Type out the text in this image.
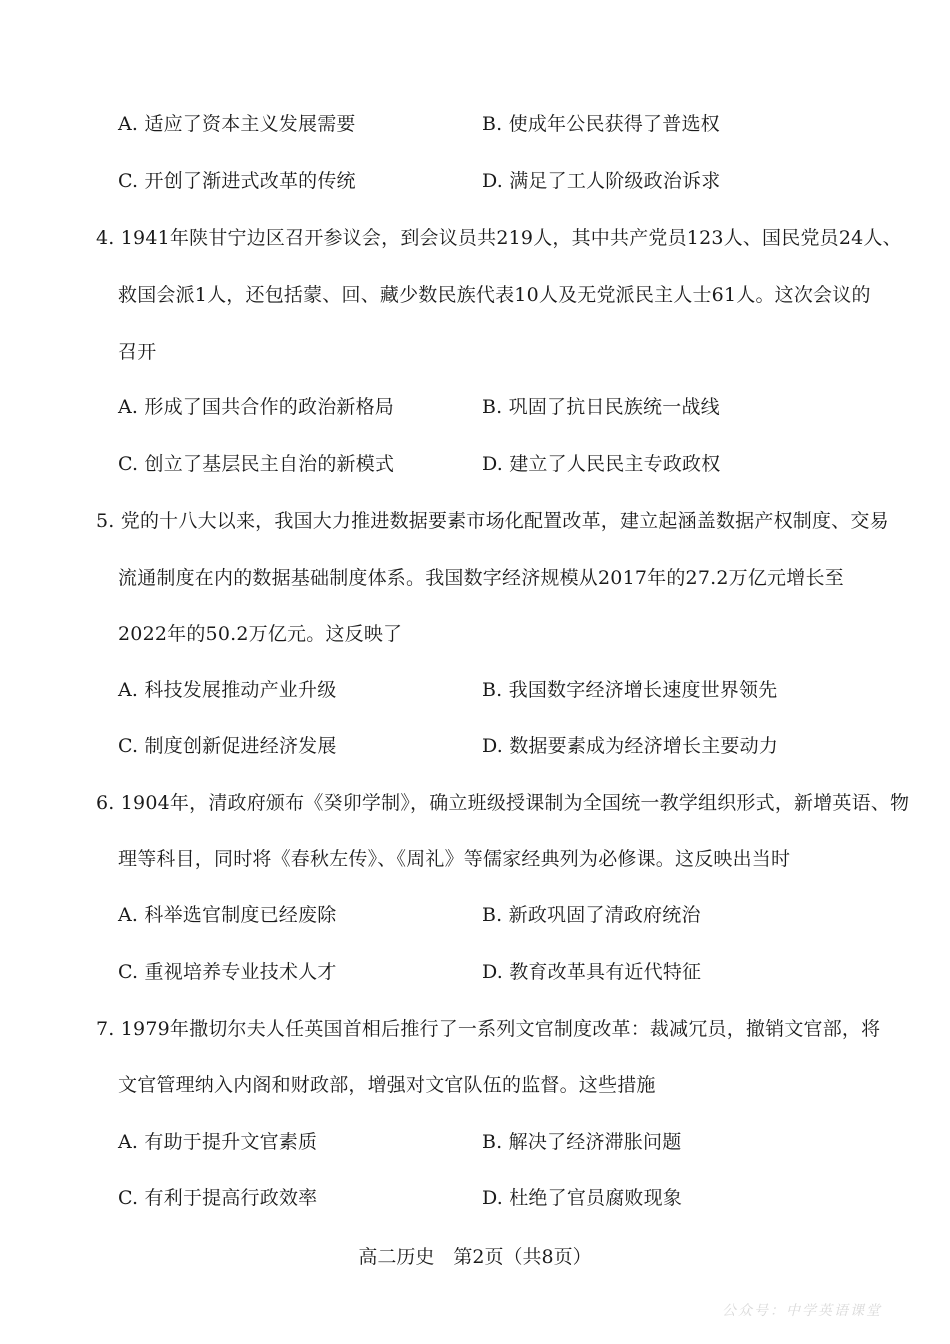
A. 适应了资本主义发展需要	B. 使成年公民获得了普选权
C. 开创了渐进式改革的传统	D. 满足了工人阶级政治诉求
4. 1941年陕甘宁边区召开参议会，到会议员共219人，其中共产党员123人、国民党员24人、
救国会派1人，还包括蒙、回、藏少数民族代表10人及无党派民主人士61人。这次会议的
召开
A. 形成了国共合作的政治新格局	B. 巩固了抗日民族统一战线
C. 创立了基层民主自治的新模式	D. 建立了人民民主专政政权
5. 党的十八大以来，我国大力推进数据要素市场化配置改革，建立起涵盖数据产权制度、交易
流通制度在内的数据基础制度体系。我国数字经济规模从2017年的27.2万亿元增长至
2022年的50.2万亿元。这反映了
A. 科技发展推动产业升级	B. 我国数字经济增长速度世界领先
C. 制度创新促进经济发展	D. 数据要素成为经济增长主要动力
6. 1904年，清政府颁布《癸卯学制》，确立班级授课制为全国统一教学组织形式，新增英语、物
理等科目，同时将《春秋左传》、《周礼》等儒家经典列为必修课。这反映出当时
A. 科举选官制度已经废除	B. 新政巩固了清政府统治
C. 重视培养专业技术人才	D. 教育改革具有近代特征
7. 1979年撒切尔夫人任英国首相后推行了一系列文官制度改革：裁减冗员，撤销文官部，将
文官管理纳入内阁和财政部，增强对文官队伍的监督。这些措施
A. 有助于提升文官素质	B. 解决了经济滞胀问题
C. 有利于提高行政效率	D. 杜绝了官员腐败现象
高二历史　第2页（共8页）
公众号：中学英语课堂
